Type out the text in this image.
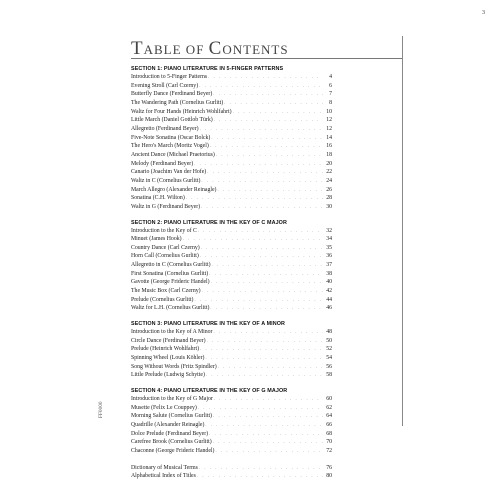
3
FF0000
TABLE OF CONTENTS
SECTION 1: PIANO LITERATURE IN 5-FINGER PATTERNS
Introduction to 5-Finger Patterns . . .	4
Evening Stroll (Carl Czerny) . . .	6
Butterfly Dance (Ferdinand Beyer) . . .	7
The Wandering Path (Cornelius Gurlitt) . . .	8
Waltz for Four Hands (Heinrich Wohlfahrt) . . .	10
Little March (Daniel Gottlob Türk) . . .	12
Allegretto (Ferdinand Beyer) . . .	12
Five-Note Sonatina (Oscar Bolck) . . .	14
The Hero's March (Moritz Vogel) . . .	16
Ancient Dance (Michael Praetorius) . . .	18
Melody (Ferdinand Beyer) . . .	20
Canario (Joachim Van der Hofe) . . .	22
Waltz in C (Cornelius Gurlitt) . . .	24
March Allegro (Alexander Reinagle) . . .	26
Sonatina (C.H. Wilton) . . .	28
Waltz in G (Ferdinand Beyer) . . .	30
SECTION 2: PIANO LITERATURE IN THE KEY OF C MAJOR
Introduction to the Key of C . . .	32
Minuet (James Hook) . . .	34
Country Dance (Carl Czerny) . . .	35
Horn Call (Cornelius Gurlitt) . . .	36
Allegretto in C (Cornelius Gurlitt) . . .	37
First Sonatina (Cornelius Gurlitt) . . .	38
Gavotte (George Frideric Handel) . . .	40
The Music Box (Carl Czerny) . . .	42
Prelude (Cornelius Gurlitt) . . .	44
Waltz for L.H. (Cornelius Gurlitt) . . .	46
SECTION 3: PIANO LITERATURE IN THE KEY OF A MINOR
Introduction to the Key of A Minor . . .	48
Circle Dance (Ferdinand Beyer) . . .	50
Prelude (Heinrich Wohlfahrt) . . .	52
Spinning Wheel (Louis Köhler) . . .	54
Song Without Words (Fritz Spindler) . . .	56
Little Prelude (Ludwig Schytte) . . .	58
SECTION 4: PIANO LITERATURE IN THE KEY OF G MAJOR
Introduction to the Key of G Major . . .	60
Musette (Felix Le Couppey) . . .	62
Morning Salute (Cornelius Gurlitt) . . .	64
Quadrille (Alexander Reinagle) . . .	66
Dolce Prelude (Ferdinand Beyer) . . .	68
Carefree Brook (Cornelius Gurlitt) . . .	70
Chaconne (George Frideric Handel) . . .	72
Dictionary of Musical Terms . . .	76
Alphabetical Index of Titles . . .	80
